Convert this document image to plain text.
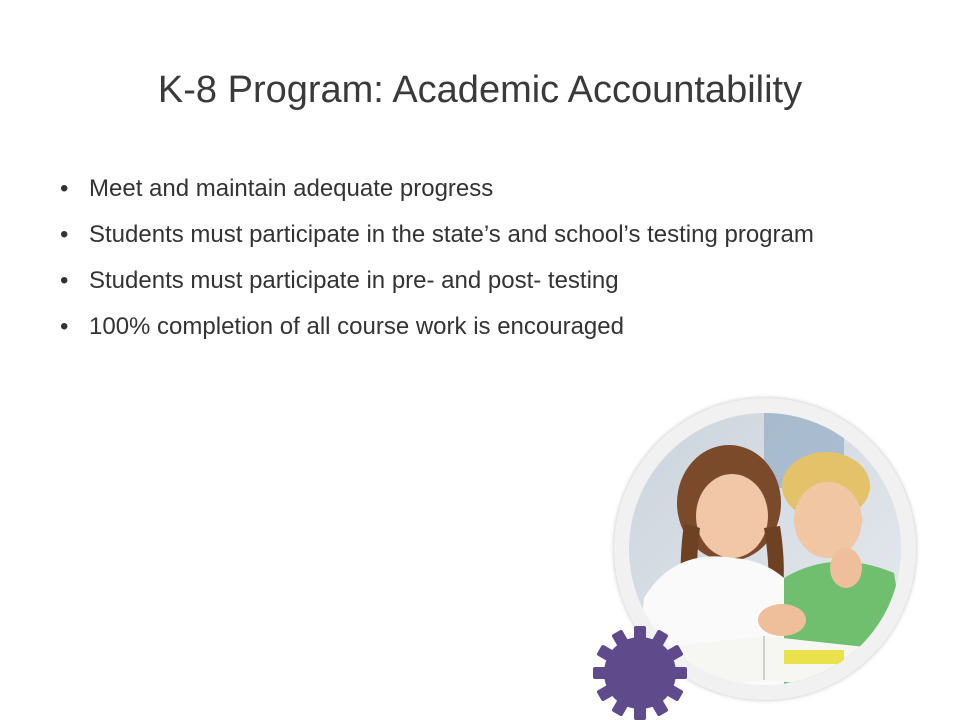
K-8 Program: Academic Accountability
• Meet and maintain adequate progress
• Students must participate in the state’s and school’s testing program
• Students must participate in pre- and post- testing
• 100% completion of all course work is encouraged
